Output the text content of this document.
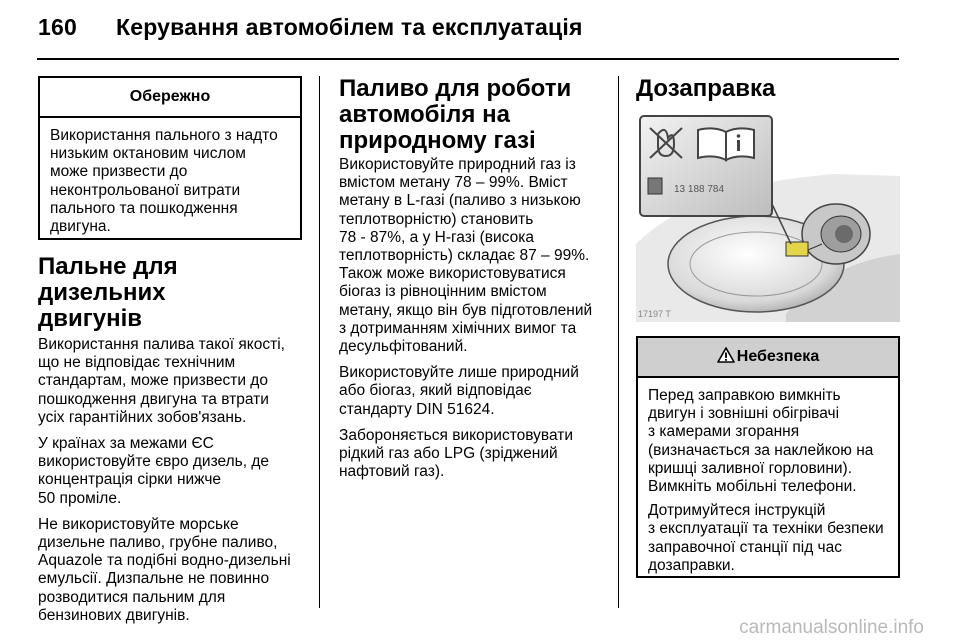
160 Керування автомобілем та експлуатація
Обережно
Використання пального з надто
низьким октановим числом
може призвести до
неконтрольованої витрати
пального та пошкодження
двигуна.
Пальне для дизельних
двигунів
Використання палива такої якості,
що не відповідає технічним
стандартам, може призвести до
пошкодження двигуна та втрати
усіх гарантійних зобов'язань.
У країнах за межами ЄС
використовуйте євро дизель, де
концентрація сірки нижче
50 проміле.
Не використовуйте морське
дизельне паливо, грубне паливо,
Aquazole та подібні водно-дизельні
емульсії. Дизпальне не повинно
розводитися пальним для
бензинових двигунів.
Паливо для роботи
автомобіля на
природному газі
Використовуйте природний газ із
вмістом метану 78 – 99%. Вміст
метану в L-газі (паливо з низькою
теплотворністю) становить
78 - 87%, а у H-газі (висока
теплотворність) складає 87 – 99%.
Також може використовуватися
біогаз із рівноцінним вмістом
метану, якщо він був підготовлений
з дотриманням хімічних вимог та
десульфітований.
Використовуйте лише природний
або біогаз, який відповідає
стандарту DIN 51624.
Забороняється використовувати
рідкий газ або LPG (зріджений
нафтовий газ).
Дозаправка
13 188 784
17197 T
Небезпека
Перед заправкою вимкніть
двигун і зовнішні обігрівачі
з камерами згорання
(визначається за наклейкою на
кришці заливної горловини).
Вимкніть мобільні телефони.
Дотримуйтеся інструкцій
з експлуатації та техніки безпеки
заправочної станції під час
дозаправки.
carmanualsonline.info
